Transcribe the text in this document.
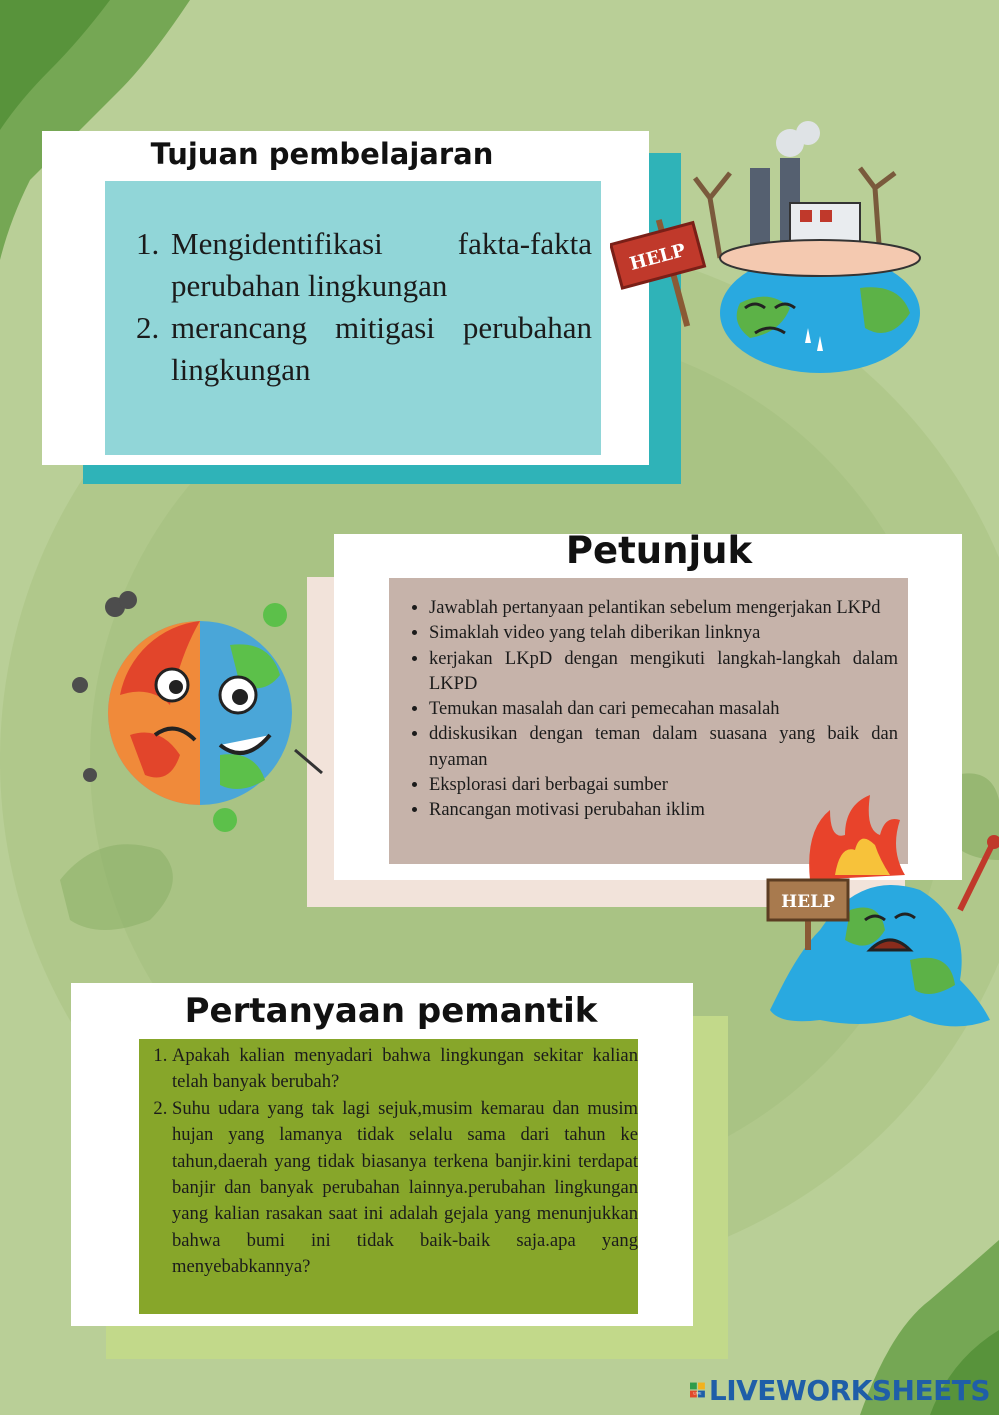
Tujuan pembelajaran
1. Mengidentifikasi fakta-fakta perubahan lingkungan
2. merancang mitigasi perubahan lingkungan
HELP
Petunjuk
• Jawablah pertanyaan pelantikan sebelum mengerjakan LKPd
• Simaklah video yang telah diberikan linknya
• kerjakan LKpD dengan mengikuti langkah-langkah dalam LKPD
• Temukan masalah dan cari pemecahan masalah
• ddiskusikan dengan teman dalam suasana yang baik dan nyaman
• Eksplorasi dari berbagai sumber
• Rancangan motivasi perubahan iklim
HELP
Pertanyaan pemantik
1. Apakah kalian menyadari bahwa lingkungan sekitar kalian telah banyak berubah?
2. Suhu udara yang tak lagi sejuk,musim kemarau dan musim hujan yang lamanya tidak selalu sama dari tahun ke tahun,daerah yang tidak biasanya terkena banjir.kini terdapat banjir dan banyak perubahan lainnya.perubahan lingkungan yang kalian rasakan saat ini adalah gejala yang menunjukkan bahwa bumi ini tidak baik-baik saja.apa yang menyebabkannya?
LIVE LIVEWORKSHEETS
